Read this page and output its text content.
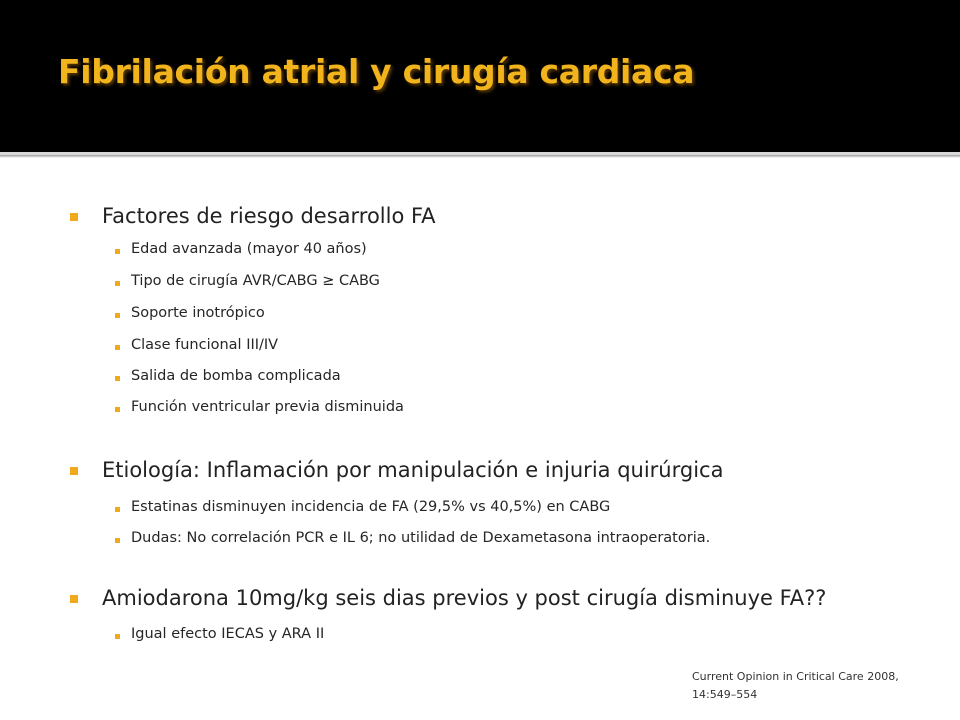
Fibrilación atrial y cirugía cardiaca
Factores de riesgo desarrollo FA
Edad avanzada (mayor 40 años)
Tipo de cirugía AVR/CABG ≥ CABG
Soporte inotrópico
Clase funcional III/IV
Salida de bomba complicada
Función ventricular previa disminuida
Etiología: Inflamación por manipulación e injuria quirúrgica
Estatinas disminuyen incidencia de FA (29,5% vs 40,5%) en CABG
Dudas: No correlación PCR e IL 6; no utilidad de Dexametasona intraoperatoria.
Amiodarona 10mg/kg seis dias previos y post cirugía disminuye FA??
Igual efecto IECAS y ARA II
Current Opinion in Critical Care 2008,
14:549–554
